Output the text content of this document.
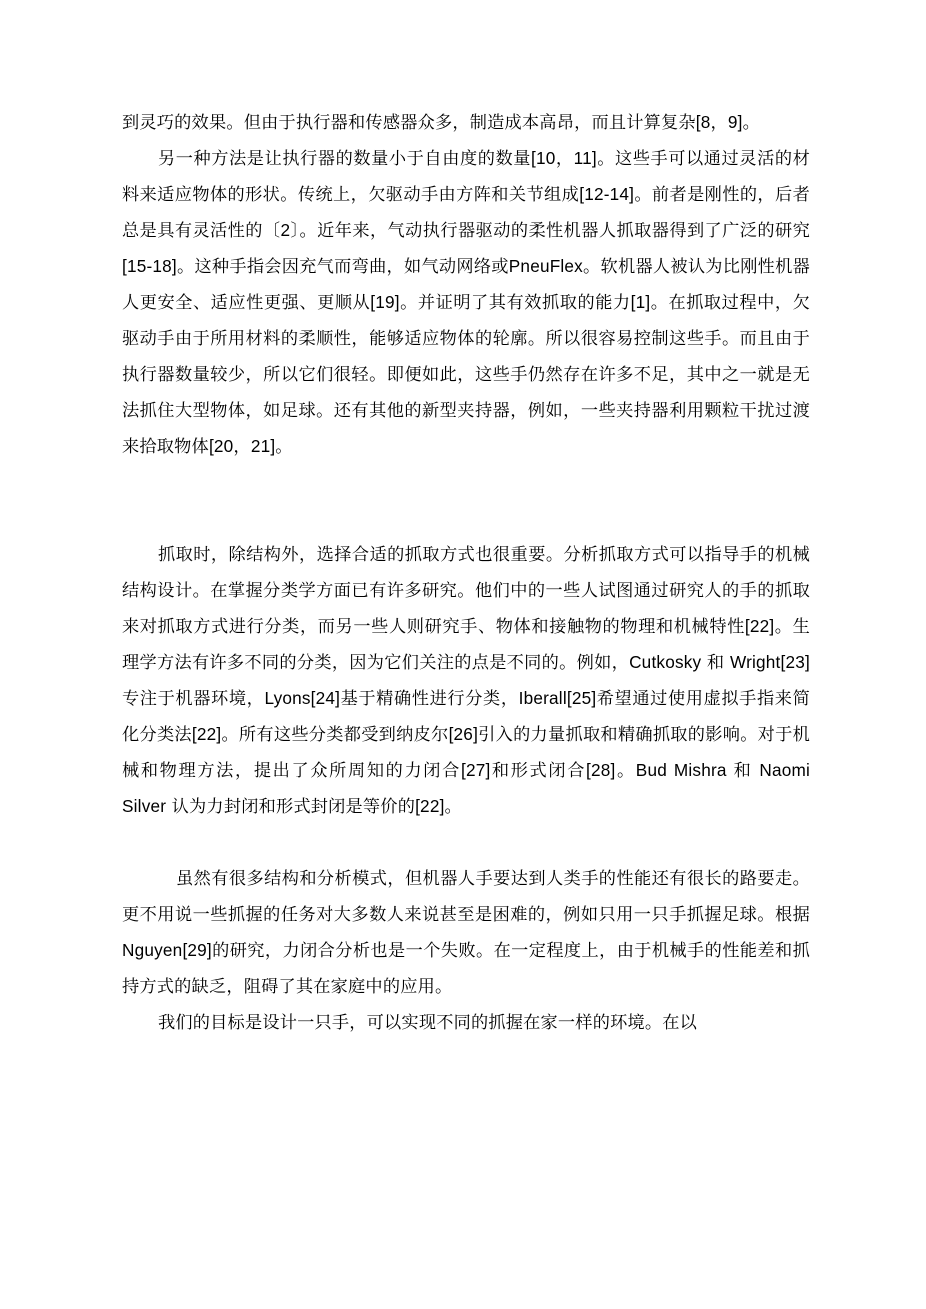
到灵巧的效果。但由于执行器和传感器众多，制造成本高昂，而且计算复杂[8，9]。

另一种方法是让执行器的数量小于自由度的数量[10，11]。这些手可以通过灵活的材料来适应物体的形状。传统上，欠驱动手由方阵和关节组成[12-14]。前者是刚性的，后者总是具有灵活性的〔2〕。近年来，气动执行器驱动的柔性机器人抓取器得到了广泛的研究[15-18]。这种手指会因充气而弯曲，如气动网络或PneuFlex。软机器人被认为比刚性机器人更安全、适应性更强、更顺从[19]。并证明了其有效抓取的能力[1]。在抓取过程中，欠驱动手由于所用材料的柔顺性，能够适应物体的轮廓。所以很容易控制这些手。而且由于执行器数量较少，所以它们很轻。即便如此，这些手仍然存在许多不足，其中之一就是无法抓住大型物体，如足球。还有其他的新型夹持器，例如，一些夹持器利用颗粒干扰过渡来拾取物体[20，21]。

抓取时，除结构外，选择合适的抓取方式也很重要。分析抓取方式可以指导手的机械结构设计。在掌握分类学方面已有许多研究。他们中的一些人试图通过研究人的手的抓取来对抓取方式进行分类，而另一些人则研究手、物体和接触物的物理和机械特性[22]。生理学方法有许多不同的分类，因为它们关注的点是不同的。例如，Cutkosky 和 Wright[23]专注于机器环境，Lyons[24]基于精确性进行分类，Iberall[25]希望通过使用虚拟手指来简化分类法[22]。所有这些分类都受到纳皮尔[26]引入的力量抓取和精确抓取的影响。对于机械和物理方法，提出了众所周知的力闭合[27]和形式闭合[28]。Bud Mishra 和 Naomi Silver 认为力封闭和形式封闭是等价的[22]。

虽然有很多结构和分析模式，但机器人手要达到人类手的性能还有很长的路要走。更不用说一些抓握的任务对大多数人来说甚至是困难的，例如只用一只手抓握足球。根据 Nguyen[29]的研究，力闭合分析也是一个失败。在一定程度上，由于机械手的性能差和抓持方式的缺乏，阻碍了其在家庭中的应用。

我们的目标是设计一只手，可以实现不同的抓握在家一样的环境。在以
